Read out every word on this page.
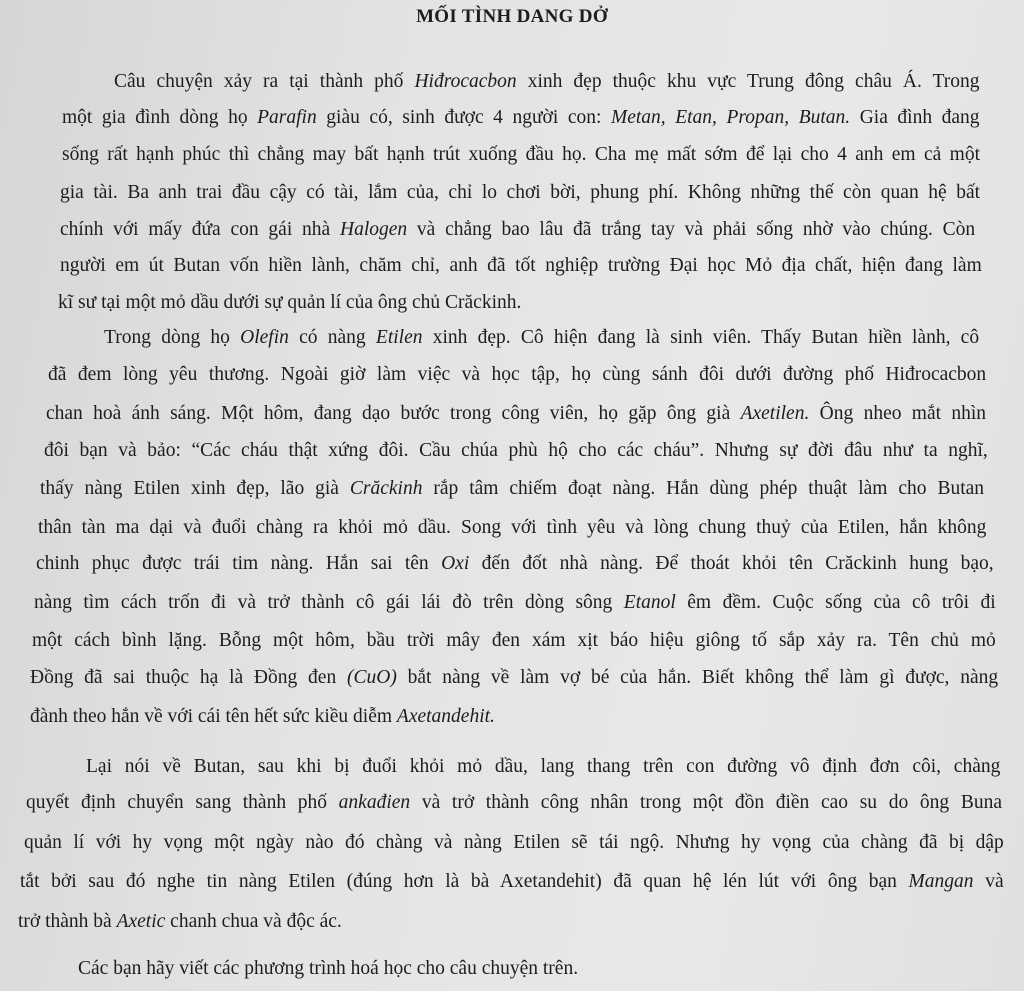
MỐI TÌNH DANG DỞ

Câu chuyện xảy ra tại thành phố Hiđrocacbon xinh đẹp thuộc khu vực Trung đông châu Á. Trong

một gia đình dòng họ Parafin giàu có, sinh được 4 người con: Metan, Etan, Propan, Butan. Gia đình đang

sống rất hạnh phúc thì chẳng may bất hạnh trút xuống đầu họ. Cha mẹ mất sớm để lại cho 4 anh em cả một

gia tài. Ba anh trai đầu cậy có tài, lắm của, chỉ lo chơi bời, phung phí. Không những thế còn quan hệ bất

chính với mấy đứa con gái nhà Halogen và chẳng bao lâu đã trắng tay và phải sống nhờ vào chúng. Còn

người em út Butan vốn hiền lành, chăm chỉ, anh đã tốt nghiệp trường Đại học Mỏ địa chất, hiện đang làm

kĩ sư tại một mỏ dầu dưới sự quản lí của ông chủ Crăckinh.

Trong dòng họ Olefin có nàng Etilen xinh đẹp. Cô hiện đang là sinh viên. Thấy Butan hiền lành, cô

đã đem lòng yêu thương. Ngoài giờ làm việc và học tập, họ cùng sánh đôi dưới đường phố Hiđrocacbon

chan hoà ánh sáng. Một hôm, đang dạo bước trong công viên, họ gặp ông già Axetilen. Ông nheo mắt nhìn

đôi bạn và bảo: “Các cháu thật xứng đôi. Cầu chúa phù hộ cho các cháu”. Nhưng sự đời đâu như ta nghĩ,

thấy nàng Etilen xinh đẹp, lão già Crăckinh rắp tâm chiếm đoạt nàng. Hắn dùng phép thuật làm cho Butan

thân tàn ma dại và đuổi chàng ra khỏi mỏ dầu. Song với tình yêu và lòng chung thuỷ của Etilen, hắn không

chinh phục được trái tim nàng. Hắn sai tên Oxi đến đốt nhà nàng. Để thoát khỏi tên Crăckinh hung bạo,

nàng tìm cách trốn đi và trở thành cô gái lái đò trên dòng sông Etanol êm đềm. Cuộc sống của cô trôi đi

một cách bình lặng. Bỗng một hôm, bầu trời mây đen xám xịt báo hiệu giông tố sắp xảy ra. Tên chủ mỏ

Đồng đã sai thuộc hạ là Đồng đen (CuO) bắt nàng về làm vợ bé của hắn. Biết không thể làm gì được, nàng

đành theo hắn về với cái tên hết sức kiều diễm Axetandehit.

Lại nói về Butan, sau khi bị đuổi khỏi mỏ dầu, lang thang trên con đường vô định đơn côi, chàng

quyết định chuyển sang thành phố ankađien và trở thành công nhân trong một đồn điền cao su do ông Buna

quản lí với hy vọng một ngày nào đó chàng và nàng Etilen sẽ tái ngộ. Nhưng hy vọng của chàng đã bị dập

tắt bởi sau đó nghe tin nàng Etilen (đúng hơn là bà Axetandehit) đã quan hệ lén lút với ông bạn Mangan và

trở thành bà Axetic chanh chua và độc ác.

Các bạn hãy viết các phương trình hoá học cho câu chuyện trên.
